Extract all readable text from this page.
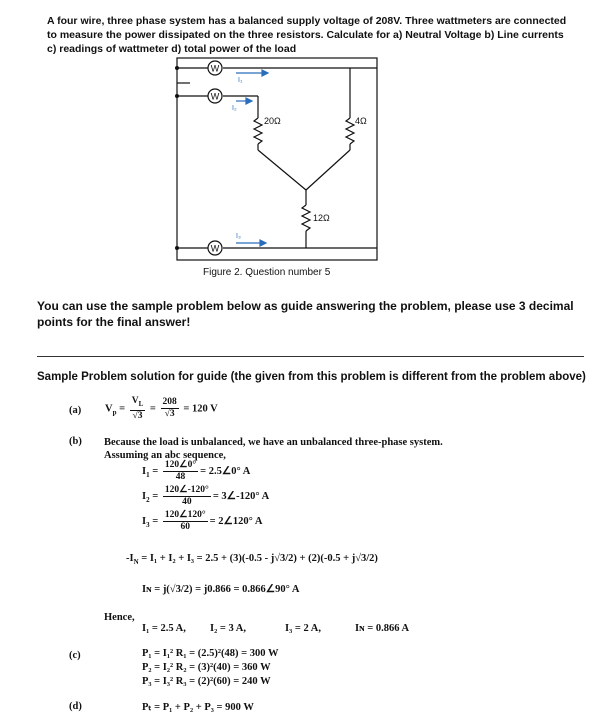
A four wire, three phase system has a balanced supply voltage of 208V. Three wattmeters are connected to measure the power dissipated on the three resistors. Calculate for a) Neutral Voltage b) Line currents c) readings of wattmeter d) total power of the load
W
W
W
I₁
I₂
I₃
20Ω	4Ω
12Ω
Figure 2. Question number 5
You can use the sample problem below as guide answering the problem, please use 3 decimal points for the final answer!
Sample Problem solution for guide (the given from this problem is different from the problem above)
(a)
(b)
(c)
(d)
$V_p = \frac{V_L}{√3} = \frac{208}{√3} = 120$ V
Because the load is unbalanced, we have an unbalanced three-phase system. Assuming an abc sequence,
$I_1 = \frac{120\angle 0^\circ}{48}$ = 2.5∠0° A
$I_2 = \frac{120\angle-120^\circ}{40}$ = 3∠-120° A
$I_3 = \frac{120\angle 120^\circ}{60}$ = 2∠120° A
$-I_N = I_1 + I_2 + I_3 = 2.5 + (3)(-0.5 - j√3/2) + (2)(-0.5 + j√3/2)$
Iɴ = j(√3/2) = j0.866 = 0.866∠90° A
Hence,
I₁ = 2.5 A, I₂ = 3 A,	I₃ = 2 A,	Iɴ = 0.866 A
P₁ = I₁² R₁ = (2.5)²(48) = 300 W
P₂ = I₂² R₂ = (3)²(40) = 360 W
P₃ = I₃² R₃ = (2)²(60) = 240 W
Pₜ = P₁ + P₂ + P₃ = 900 W
